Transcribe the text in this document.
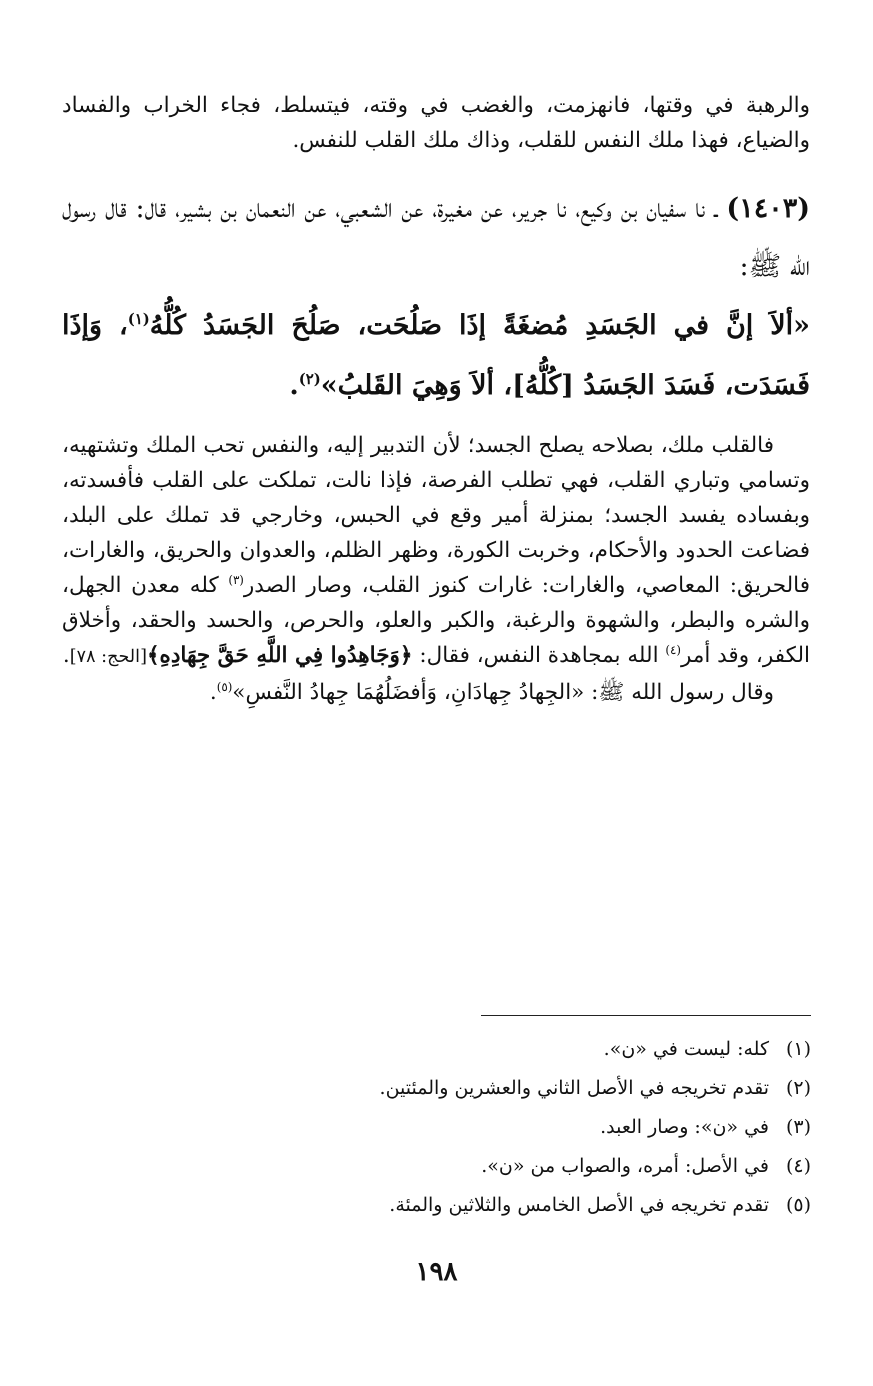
والرهبة في وقتها، فانهزمت، والغضب في وقته، فيتسلط، فجاء الخراب والفساد والضياع، فهذا ملك النفس للقلب، وذاك ملك القلب للنفس.

(١٤٠٣) ـ نا سفيان بن وكيع، نا جرير، عن مغيرة، عن الشعبي، عن النعمان بن بشير، قال: قال رسول الله ﷺ:

«ألاَ إنَّ في الجَسَدِ مُضغَةً إذَا صَلُحَت، صَلُحَ الجَسَدُ كُلُّهُ$^{(١)}$، وَإذَا فَسَدَت، فَسَدَ الجَسَدُ [كُلُّهُ]، ألاَ وَهِيَ القَلبُ»$^{(٢)}$.

فالقلب ملك، بصلاحه يصلح الجسد؛ لأن التدبير إليه، والنفس تحب الملك وتشتهيه، وتسامي وتباري القلب، فهي تطلب الفرصة، فإذا نالت، تملكت على القلب فأفسدته، وبفساده يفسد الجسد؛ بمنزلة أمير وقع في الحبس، وخارجي قد تملك على البلد، فضاعت الحدود والأحكام، وخربت الكورة، وظهر الظلم، والعدوان والحريق، والغارات، فالحريق: المعاصي، والغارات: غارات كنوز القلب، وصار الصدر$^{(٣)}$ كله معدن الجهل، والشره والبطر، والشهوة والرغبة، والكبر والعلو، والحرص، والحسد والحقد، وأخلاق الكفر، وقد أمر$^{(٤)}$ الله بمجاهدة النفس، فقال: ﴿وَجَاهِدُوا فِي اللَّهِ حَقَّ جِهَادِهِ﴾[الحج: ٧٨].

وقال رسول الله ﷺ: «الجِهادُ جِهادَانِ، وَأفضَلُهُمَا جِهادُ النَّفسِ»$^{(٥)}$.

(١)كله: ليست في «ن».
(٢)تقدم تخريجه في الأصل الثاني والعشرين والمئتين.
(٣)في «ن»: وصار العبد.
(٤)في الأصل: أمره، والصواب من «ن».
(٥)تقدم تخريجه في الأصل الخامس والثلاثين والمئة.
١٩٨
